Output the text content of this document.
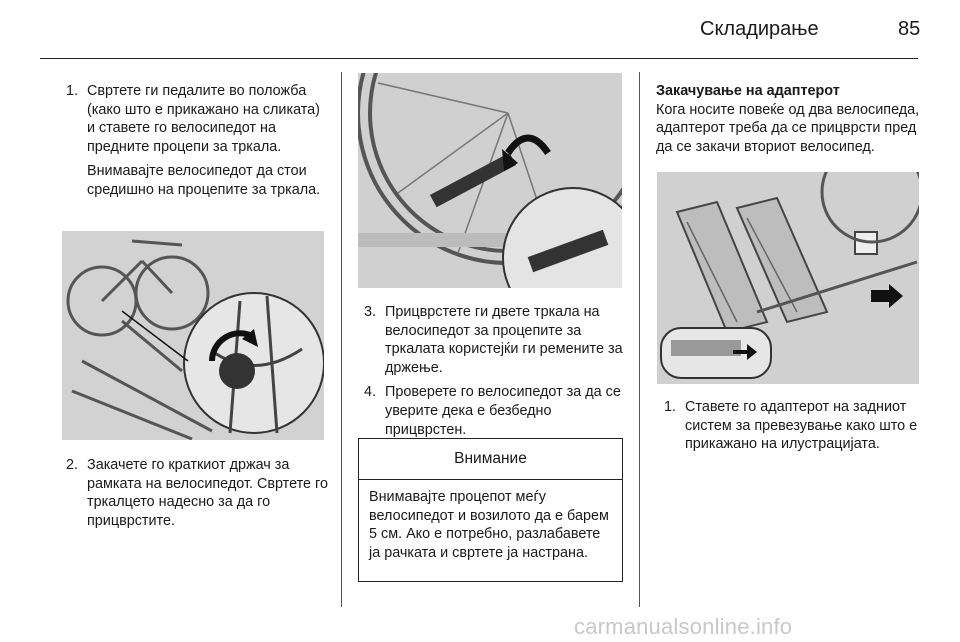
Складирање	85
1. Свртете ги педалите во положба (како што е прикажано на сликата) и ставете го велосипедот на предните процепи за тркала.
Внимавајте велосипедот да стои средишно на процепите за тркала.
2. Закачете го краткиот држач за рамката на велосипедот. Свртете го тркалцето надесно за да го прицврстите.
3. Прицврстете ги двете тркала на велосипедот за процепите за тркалата користејќи ги ремените за држење.
4. Проверете го велосипедот за да се уверите дека е безбедно прицврстен.
Внимание
Внимавајте процепот меѓу велосипедот и возилото да е барем 5 см. Ако е потребно, разлабавете ја рачката и свртете ја настрана.
Закачување на адаптерот
Кога носите повеќе од два велосипеда, адаптерот треба да се прицврсти пред да се закачи вториот велосипед.
1. Ставете го адаптерот на задниот систем за превезување како што е прикажано на илустрацијата.
carmanualsonline.info
